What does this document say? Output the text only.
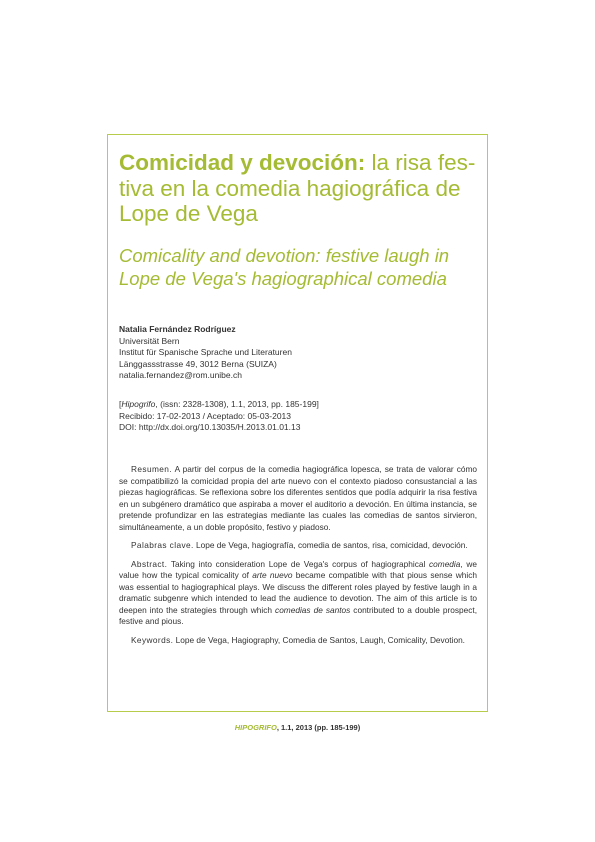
Comicidad y devoción: la risa fes-tiva en la comedia hagiográfica de Lope de Vega
Comicality and devotion: festive laugh in Lope de Vega's hagiographical comedia
Natalia Fernández Rodríguez
Universität Bern
Institut für Spanische Sprache und Literaturen
Länggassstrasse 49, 3012 Berna (SUIZA)
natalia.fernandez@rom.unibe.ch
[Hipogrifo, (issn: 2328-1308), 1.1, 2013, pp. 185-199]
Recibido: 17-02-2013 / Aceptado: 05-03-2013
DOI: http://dx.doi.org/10.13035/H.2013.01.01.13

Resumen. A partir del corpus de la comedia hagiográfica lopesca, se trata de valorar cómo se compatibilizó la comicidad propia del arte nuevo con el contexto piadoso consustancial a las piezas hagiográficas. Se reflexiona sobre los diferentes sentidos que podía adquirir la risa festiva en un subgénero dramático que aspiraba a mover el auditorio a devoción. En última instancia, se pretende profundizar en las estrategias mediante las cuales las comedias de santos sirvieron, simultáneamente, a un doble propósito, festivo y piadoso.

Palabras clave. Lope de Vega, hagiografía, comedia de santos, risa, comicidad, devoción.

Abstract. Taking into consideration Lope de Vega's corpus of hagiographical comedia, we value how the typical comicality of arte nuevo became compatible with that pious sense which was essential to hagiographical plays. We discuss the different roles played by festive laugh in a dramatic subgenre which intended to lead the audience to devotion. The aim of this article is to deepen into the strategies through which comedias de santos contributed to a double prospect, festive and pious.

Keywords. Lope de Vega, Hagiography, Comedia de Santos, Laugh, Comicality, Devotion.

HIPOGRIFO, 1.1, 2013 (pp. 185-199)
